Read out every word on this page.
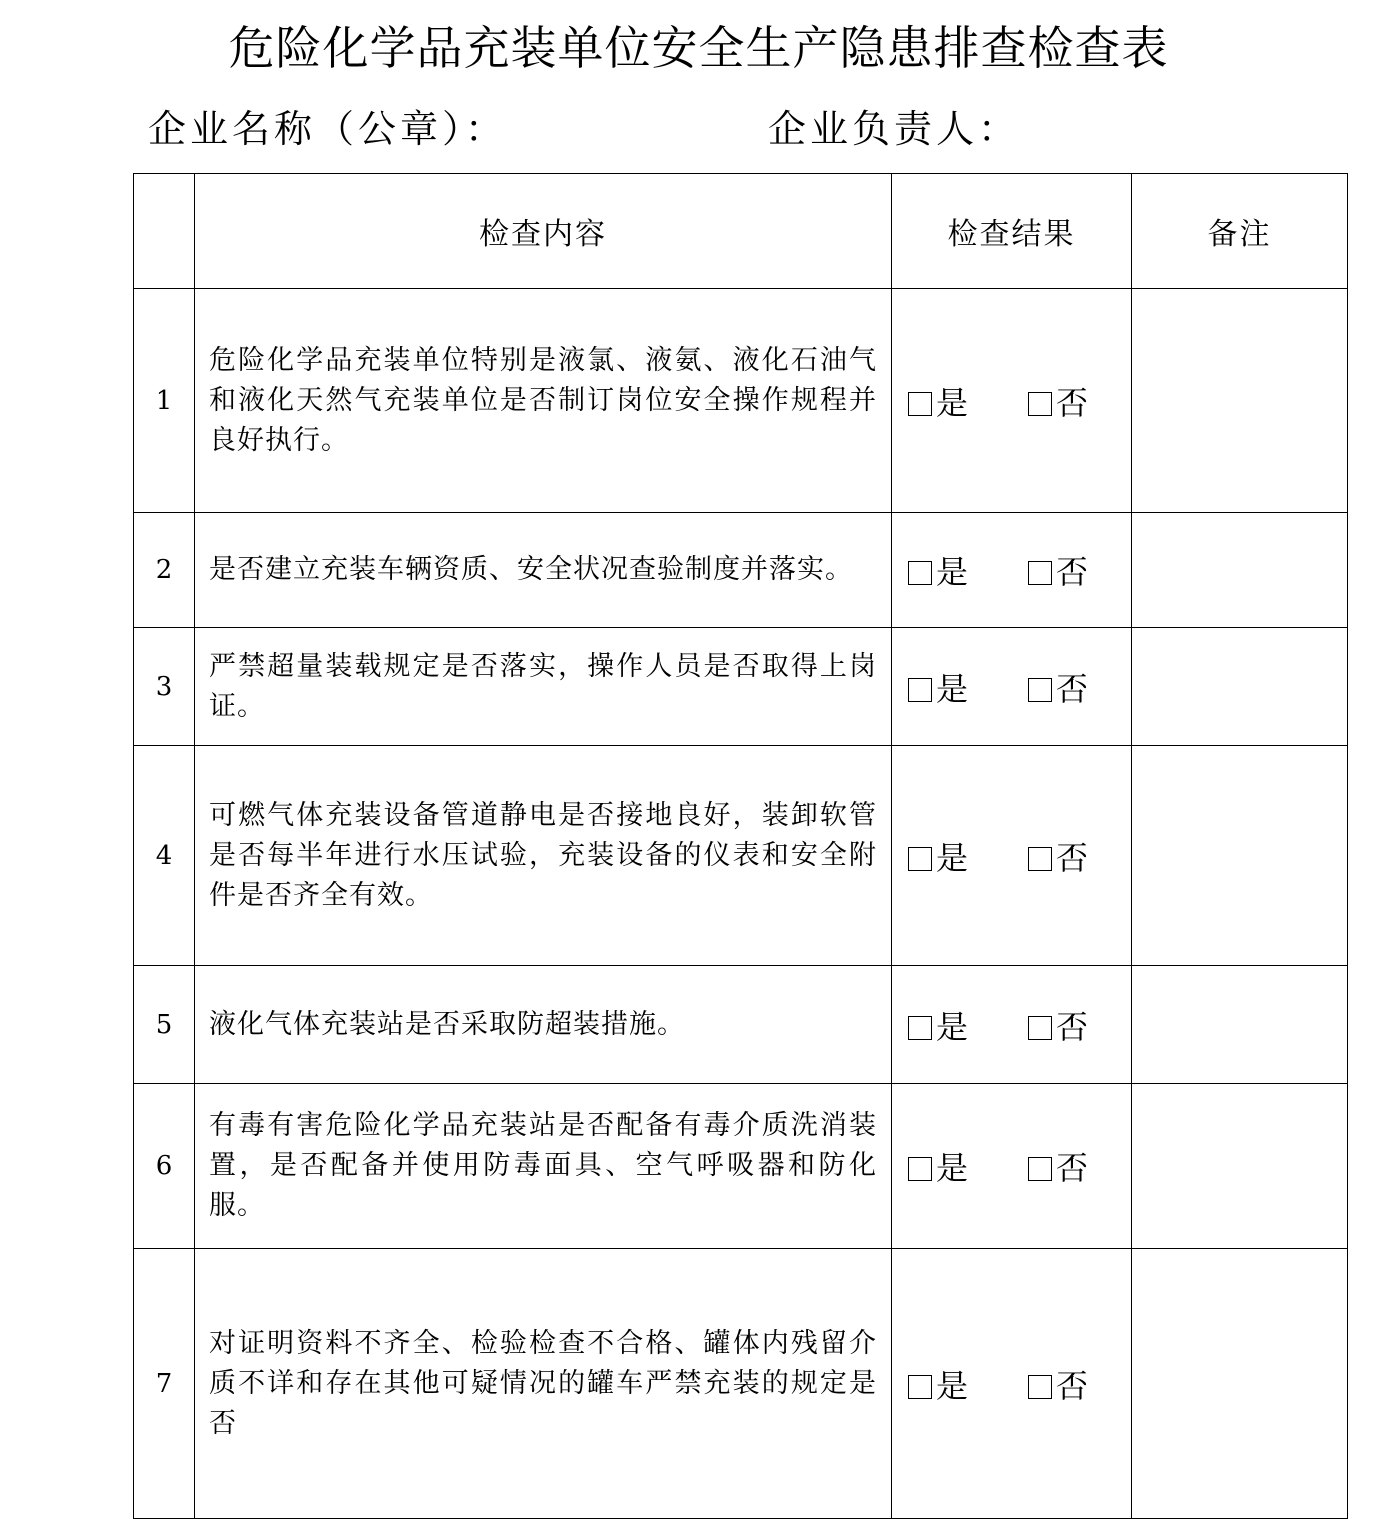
危险化学品充装单位安全生产隐患排查检查表
企业名称（公章）：	企业负责人：
	检查内容	检查结果	备注
1	危险化学品充装单位特别是液氯、液氨、液化石油气和液化天然气充装单位是否制订岗位安全操作规程并良好执行。	是 否	
2	是否建立充装车辆资质、安全状况查验制度并落实。	是 否	
3	严禁超量装载规定是否落实，操作人员是否取得上岗证。	是 否	
4	可燃气体充装设备管道静电是否接地良好，装卸软管是否每半年进行水压试验，充装设备的仪表和安全附件是否齐全有效。	是 否	
5	液化气体充装站是否采取防超装措施。	是 否	
6	有毒有害危险化学品充装站是否配备有毒介质洗消装置，是否配备并使用防毒面具、空气呼吸器和防化服。	是 否	
7	对证明资料不齐全、检验检查不合格、罐体内残留介质不详和存在其他可疑情况的罐车严禁充装的规定是否	是 否	
